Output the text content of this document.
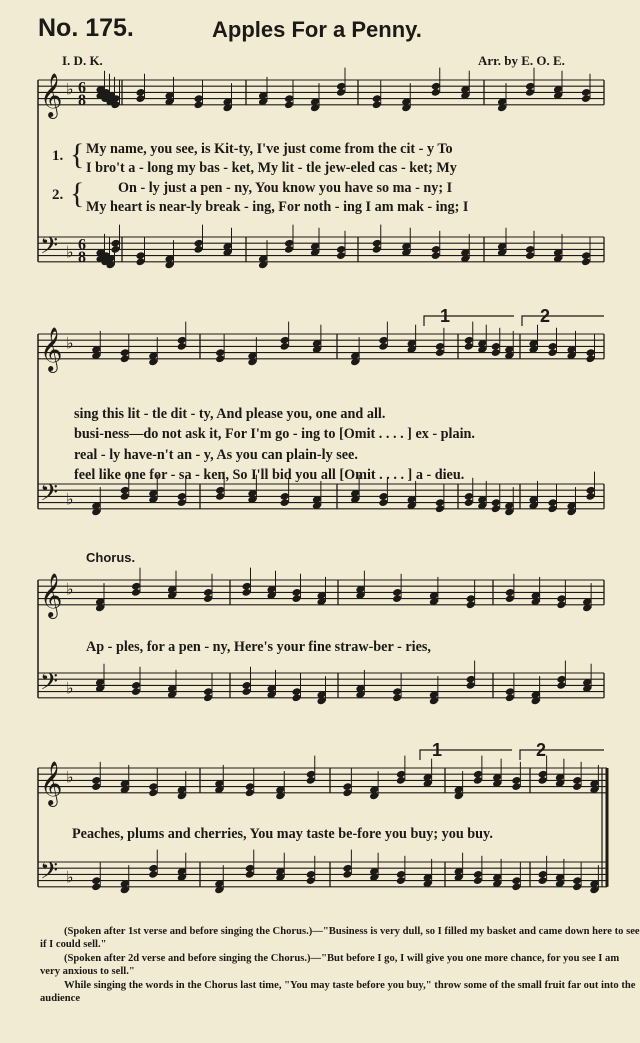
No. 175.	Apples For a Penny.
I. D. K.	Arr. by E. O. E.
𝄞
𝄢
♭
♭
6
8
6
8
𝄞
𝄢
♭
♭
𝄞
𝄢
♭
♭
𝄞
𝄢
♭
♭
1.
2.
{
{
My name, you see, is Kit-ty, I've just come from the cit - y To
I bro't a - long my bas - ket, My lit - tle jew-eled cas - ket; My
On - ly just a pen - ny, You know you have so ma - ny; I
My heart is near-ly break - ing, For noth - ing I am mak - ing; I
sing this lit - tle dit - ty, And please you, one and all.
busi-ness—do not ask it, For I'm go - ing to [Omit . . . . ] ex - plain.
real - ly have-n't an - y, As you can plain-ly see.
feel like one for - sa - ken, So I'll bid you all [Omit . . . . ] a - dieu.
Chorus.
Ap - ples, for a pen - ny, Here's your fine straw-ber - ries,
Peaches, plums and cherries, You may taste be-fore you buy; you buy.
1	2
1	2
(Spoken after 1st verse and before singing the Chorus.)—"Business is very dull, so I filled my basket and came down here to see if I could sell."
(Spoken after 2d verse and before singing the Chorus.)—"But before I go, I will give you one more chance, for you see I am very anxious to sell."
While singing the words in the Chorus last time, "You may taste before you buy," throw some of the small fruit far out into the audience
